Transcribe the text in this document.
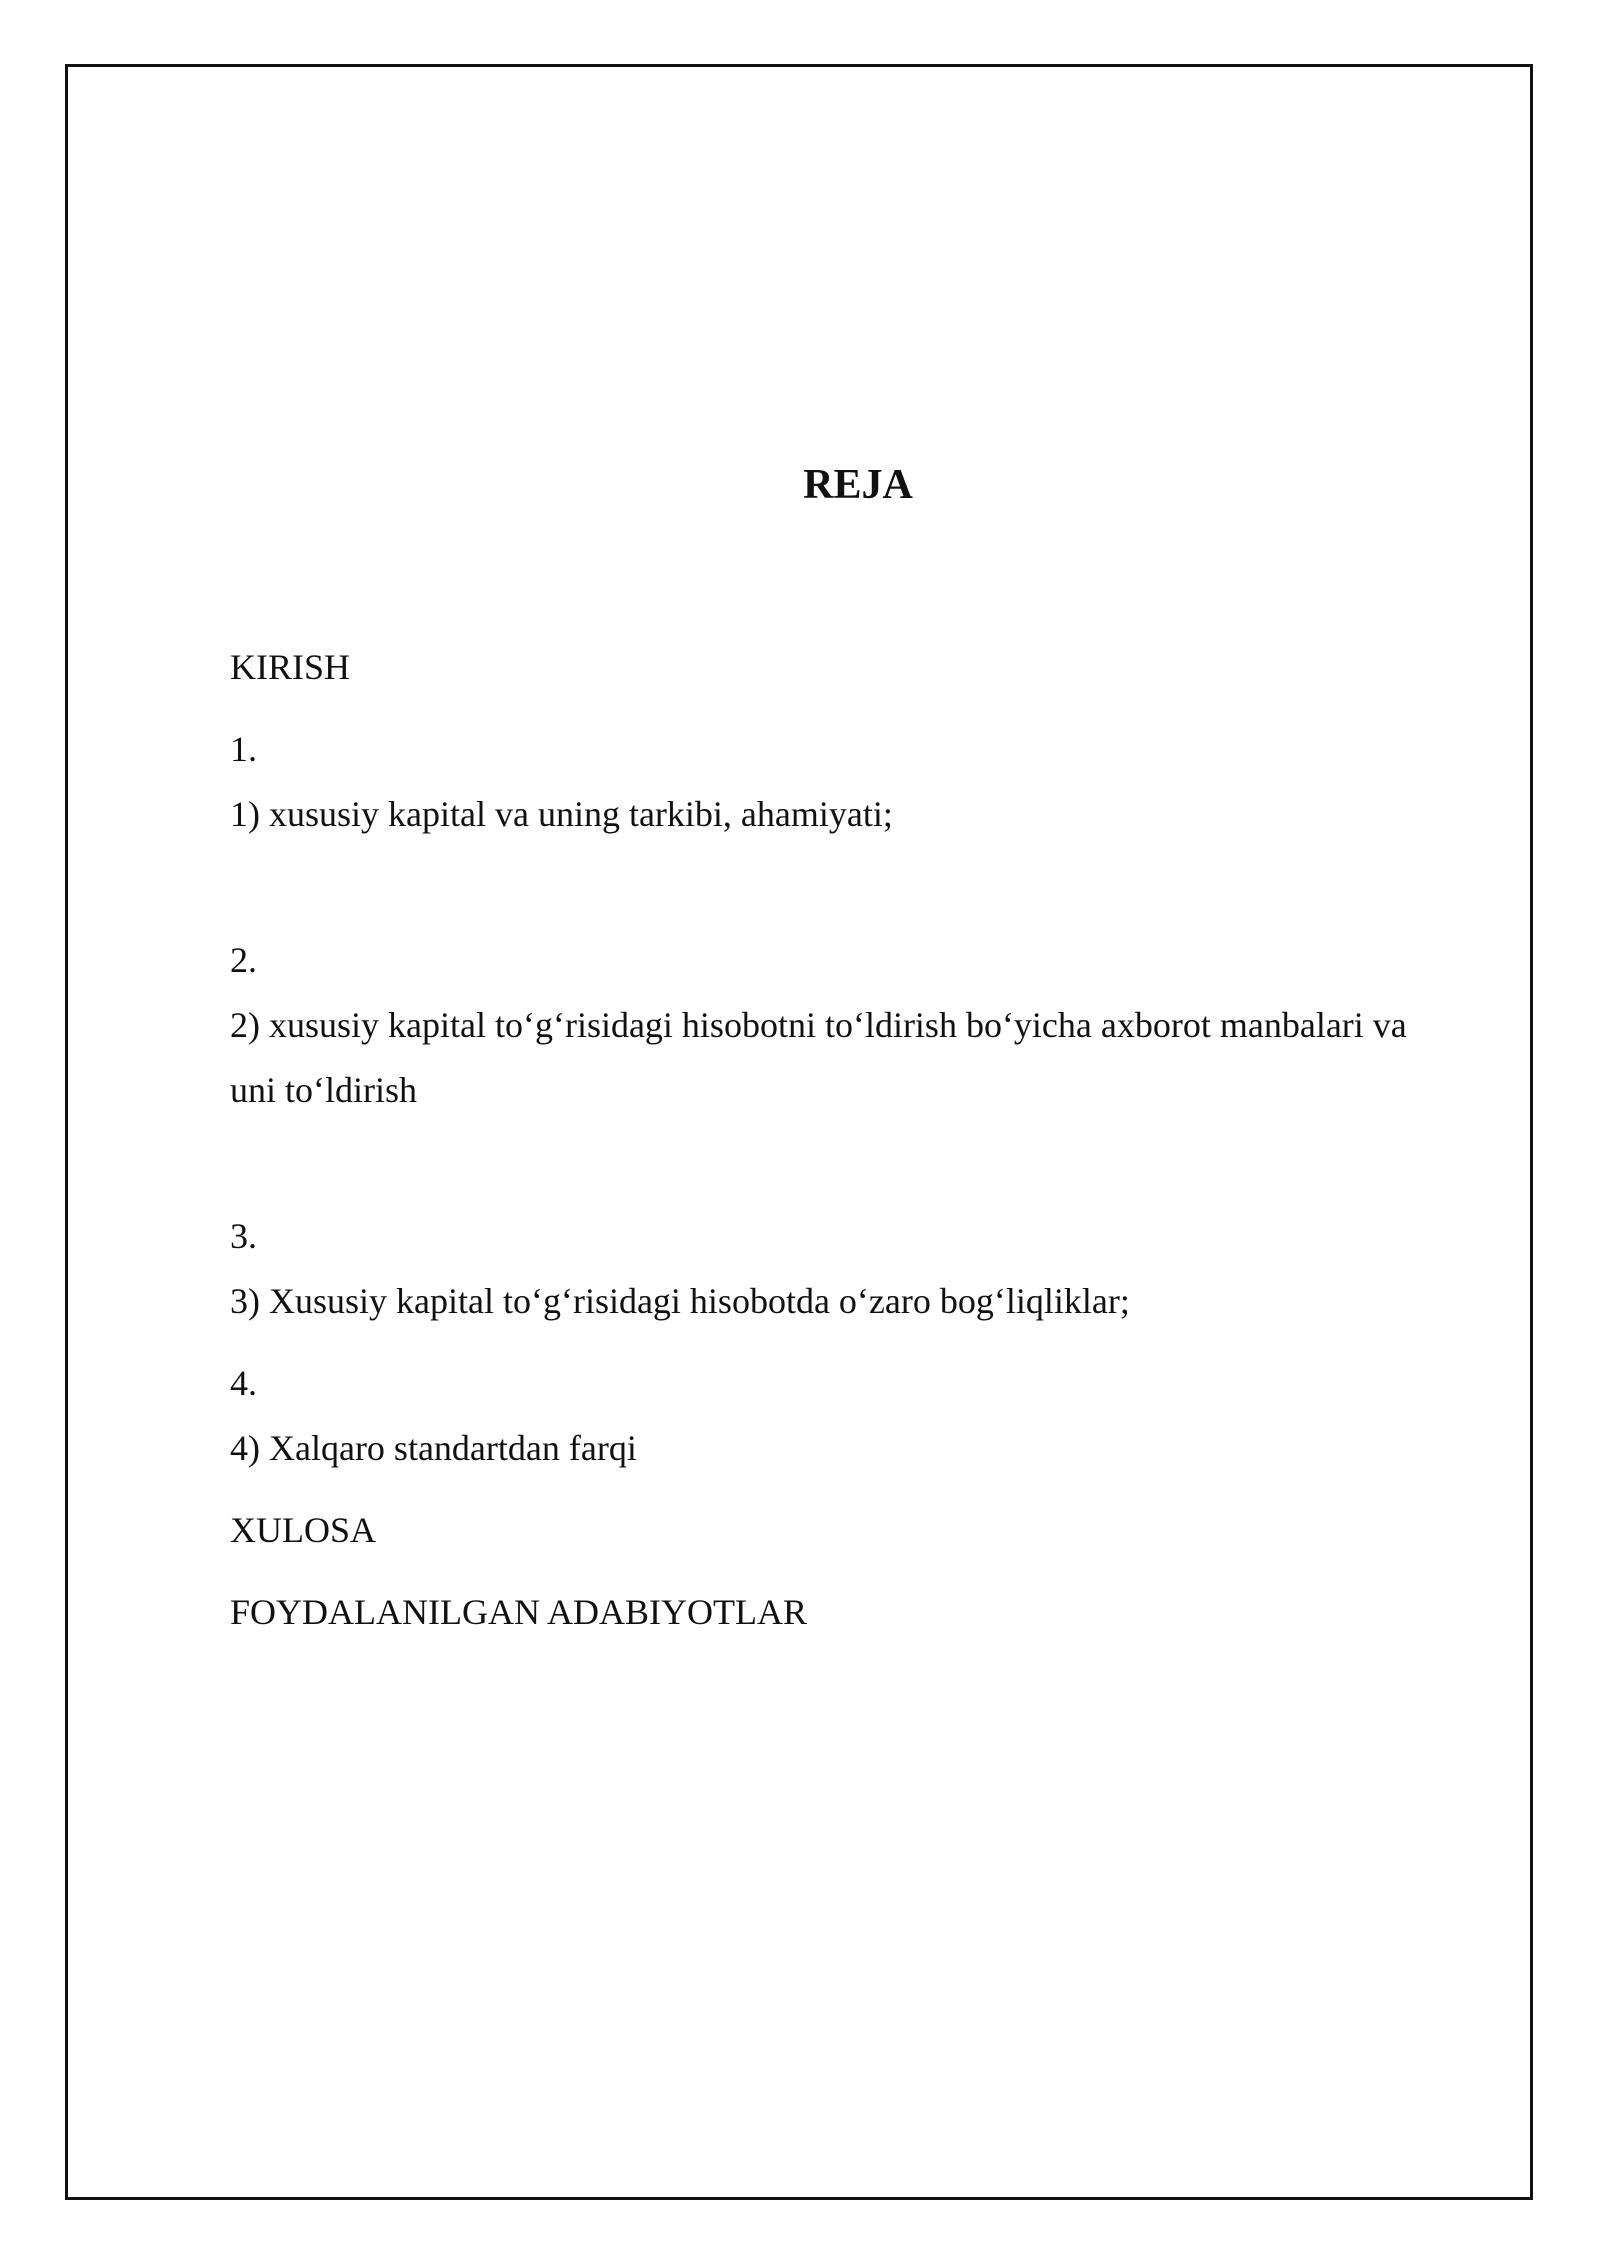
REJA

KIRISH

1.

1) xususiy kapital va uning tarkibi, ahamiyati;

2.

2) xususiy kapital to‘g‘risidagi hisobotni to‘ldirish bo‘yicha axborot manbalari va

uni to‘ldirish

3.

3) Xususiy kapital to‘g‘risidagi hisobotda o‘zaro bog‘liqliklar;

4.

4) Xalqaro standartdan farqi

XULOSA

FOYDALANILGAN ADABIYOTLAR
